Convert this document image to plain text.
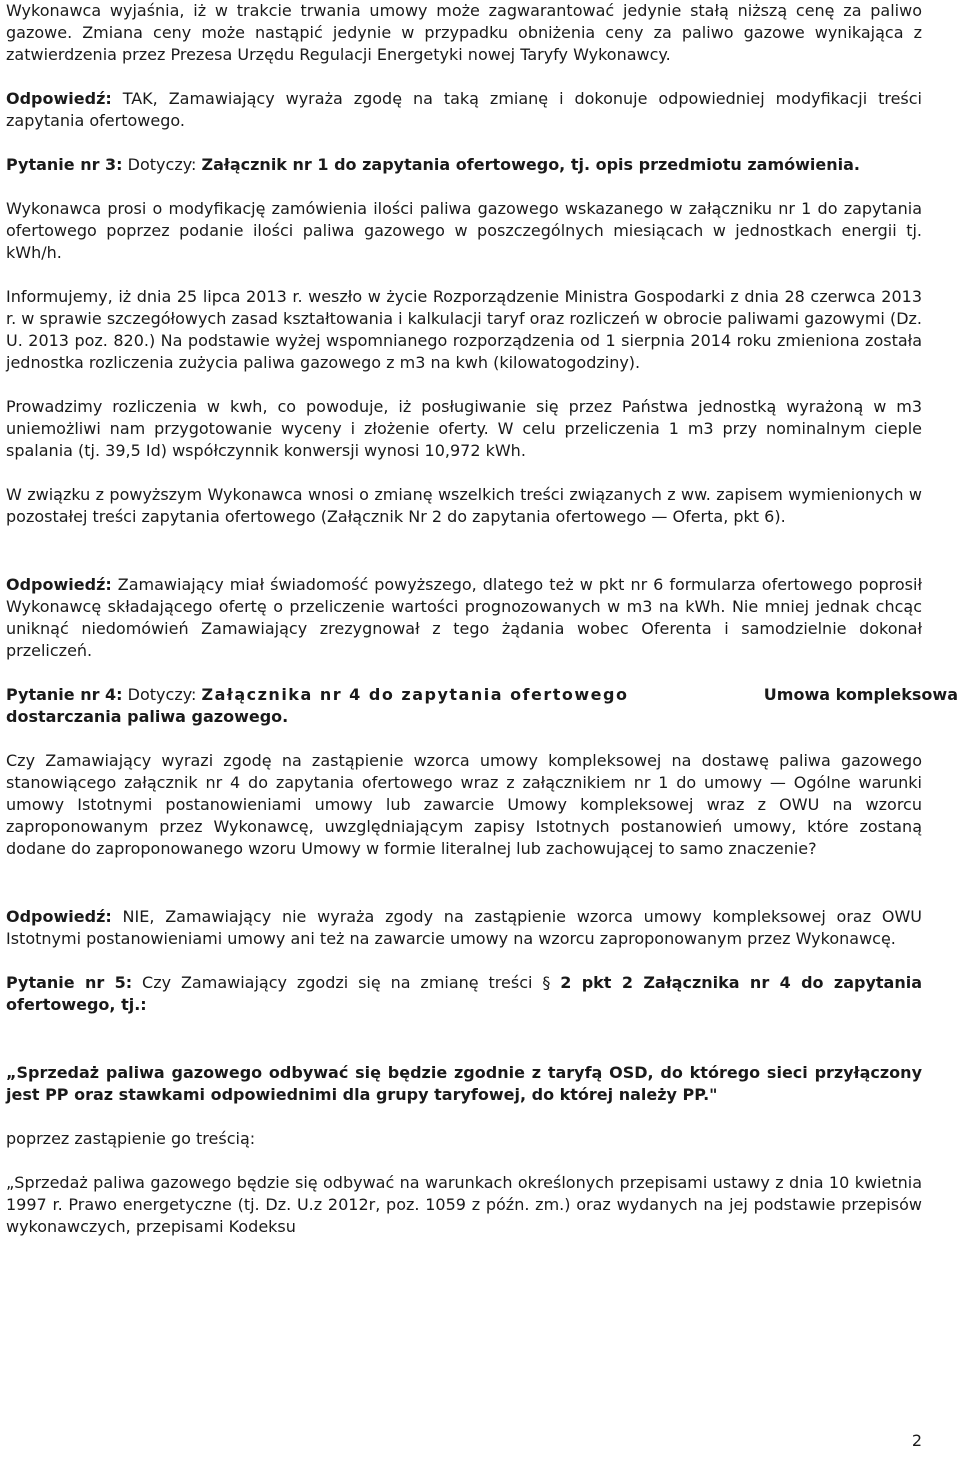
Wykonawca wyjaśnia, iż w trakcie trwania umowy może zagwarantować jedynie stałą niższą cenę za paliwo gazowe. Zmiana ceny może nastąpić jedynie w przypadku obniżenia ceny za paliwo gazowe wynikająca z zatwierdzenia przez Prezesa Urzędu Regulacji Energetyki nowej Taryfy Wykonawcy.

Odpowiedź: TAK, Zamawiający wyraża zgodę na taką zmianę i dokonuje odpowiedniej modyfikacji treści zapytania ofertowego.

Pytanie nr 3: Dotyczy: Załącznik nr 1 do zapytania ofertowego, tj. opis przedmiotu zamówienia.

Wykonawca prosi o modyfikację zamówienia ilości paliwa gazowego wskazanego w załączniku nr 1 do zapytania ofertowego poprzez podanie ilości paliwa gazowego w poszczególnych miesiącach w jednostkach energii tj. kWh/h.

Informujemy, iż dnia 25 lipca 2013 r. weszło w życie Rozporządzenie Ministra Gospodarki z dnia 28 czerwca 2013 r. w sprawie szczegółowych zasad kształtowania i kalkulacji taryf oraz rozliczeń w obrocie paliwami gazowymi (Dz. U. 2013 poz. 820.) Na podstawie wyżej wspomnianego rozporządzenia od 1 sierpnia 2014 roku zmieniona została jednostka rozliczenia zużycia paliwa gazowego z m3 na kwh (kilowatogodziny).

Prowadzimy rozliczenia w kwh, co powoduje, iż posługiwanie się przez Państwa jednostką wyrażoną w m3 uniemożliwi nam przygotowanie wyceny i złożenie oferty. W celu przeliczenia 1 m3 przy nominalnym cieple spalania (tj. 39,5 Id) współczynnik konwersji wynosi 10,972 kWh.

W związku z powyższym Wykonawca wnosi o zmianę wszelkich treści związanych z ww. zapisem wymienionych w pozostałej treści zapytania ofertowego (Załącznik Nr 2 do zapytania ofertowego — Oferta, pkt 6).

Odpowiedź: Zamawiający miał świadomość powyższego, dlatego też w pkt nr 6 formularza ofertowego poprosił Wykonawcę składającego ofertę o przeliczenie wartości prognozowanych w m3 na kWh. Nie mniej jednak chcąc uniknąć niedomówień Zamawiający zrezygnował z tego żądania wobec Oferenta i samodzielnie dokonał przeliczeń.

Umowa kompleksowa
Pytanie nr 4: Dotyczy: Załącznika nr 4 do zapytania ofertowego
dostarczania paliwa gazowego.

Czy Zamawiający wyrazi zgodę na zastąpienie wzorca umowy kompleksowej na dostawę paliwa gazowego stanowiącego załącznik nr 4 do zapytania ofertowego wraz z załącznikiem nr 1 do umowy — Ogólne warunki umowy Istotnymi postanowieniami umowy lub zawarcie Umowy kompleksowej wraz z OWU na wzorcu zaproponowanym przez Wykonawcę, uwzględniającym zapisy Istotnych postanowień umowy, które zostaną dodane do zaproponowanego wzoru Umowy w formie literalnej lub zachowującej to samo znaczenie?

Odpowiedź: NIE, Zamawiający nie wyraża zgody na zastąpienie wzorca umowy kompleksowej oraz OWU Istotnymi postanowieniami umowy ani też na zawarcie umowy na wzorcu zaproponowanym przez Wykonawcę.

Pytanie nr 5: Czy Zamawiający zgodzi się na zmianę treści § 2 pkt 2 Załącznika nr 4 do zapytania ofertowego, tj.:

„Sprzedaż paliwa gazowego odbywać się będzie zgodnie z taryfą OSD, do którego sieci przyłączony jest PP oraz stawkami odpowiednimi dla grupy taryfowej, do której należy PP."

poprzez zastąpienie go treścią:

„Sprzedaż paliwa gazowego będzie się odbywać na warunkach określonych przepisami ustawy z dnia 10 kwietnia 1997 r. Prawo energetyczne (tj. Dz. U.z 2012r, poz. 1059 z późn. zm.) oraz wydanych na jej podstawie przepisów wykonawczych, przepisami Kodeksu

2
